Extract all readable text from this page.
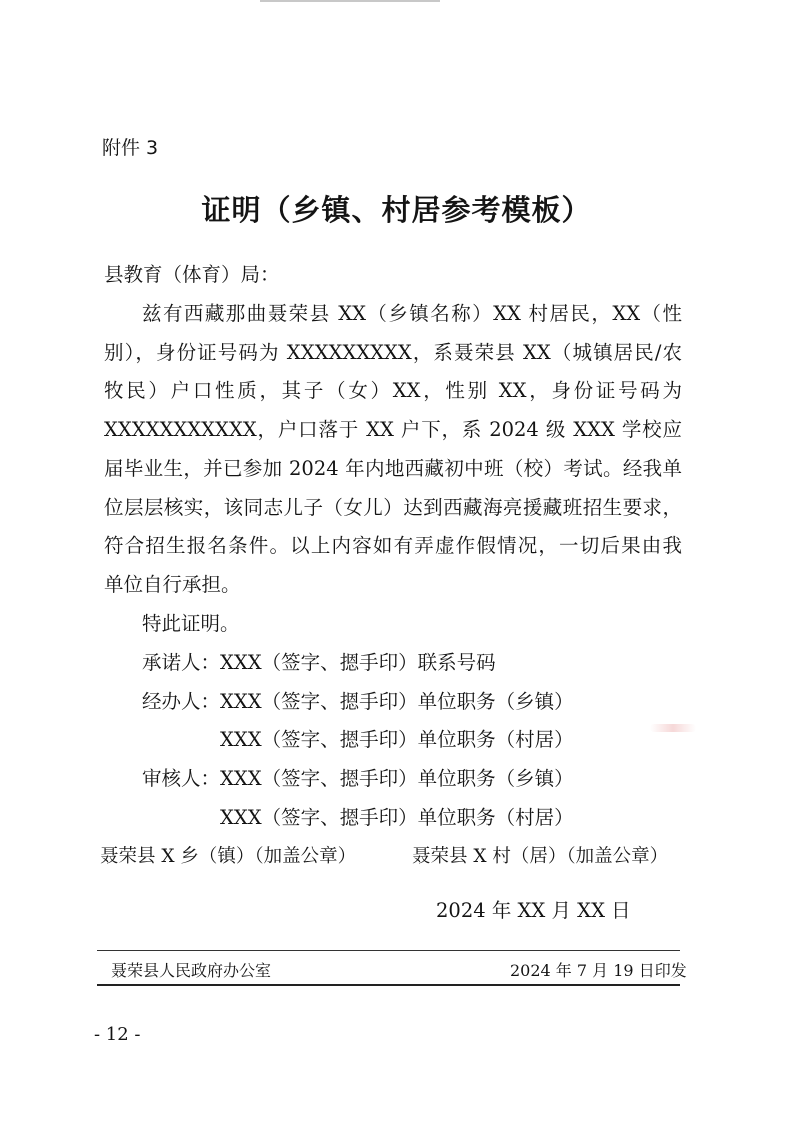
附件 3
证明（乡镇、村居参考模板）
县教育（体育）局：
兹有西藏那曲聂荣县 XX（乡镇名称）XX 村居民，XX（性
别），身份证号码为 XXXXXXXXX，系聂荣县 XX（城镇居民/农
牧民）户口性质，其子（女）XX，性别 XX，身份证号码为
XXXXXXXXXXX，户口落于 XX 户下，系 2024 级 XXX 学校应
届毕业生，并已参加 2024 年内地西藏初中班（校）考试。经我单
位层层核实，该同志儿子（女儿）达到西藏海亮援藏班招生要求，
符合招生报名条件。以上内容如有弄虚作假情况，一切后果由我
单位自行承担。
特此证明。
承诺人：XXX（签字、摁手印）联系号码
经办人：XXX（签字、摁手印）单位职务（乡镇）
XXX（签字、摁手印）单位职务（村居）
审核人：XXX（签字、摁手印）单位职务（乡镇）
XXX（签字、摁手印）单位职务（村居）
聂荣县 X 乡（镇）（加盖公章）	聂荣县 X 村（居）（加盖公章）
2024 年 XX 月 XX 日
聂荣县人民政府办公室	2024 年 7 月 19 日印发
- 12 -
